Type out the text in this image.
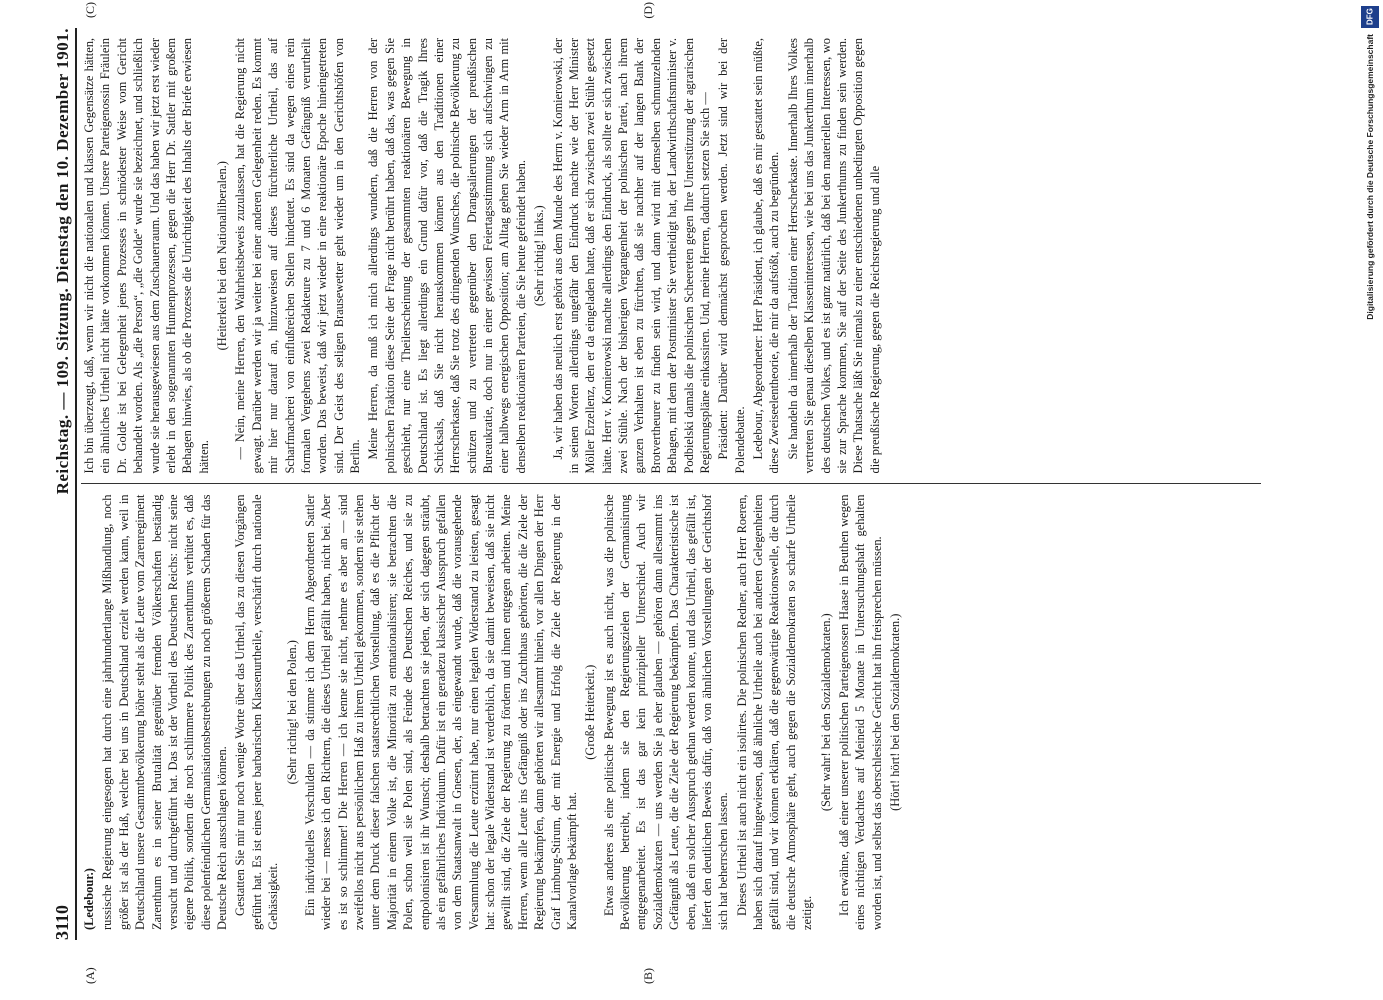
3110
Reichstag. — 109. Sitzung. Dienstag den 10. Dezember 1901.
(A)	(B)

(Ledebour.) russische Regierung eingesogen hat durch eine jahrhundertlange Mißhandlung, noch größer ist als der Haß, welcher bei uns in Deutschland erzielt werden kann, weil in Deutschland unsere Gesammtbevölkerung höher steht als die Leute vom Zarenregiment Zarenthum es in seiner Brutalität gegenüber fremden Völkerschaften beständig versucht und durchgeführt hat. Das ist der Vortheil des Deutschen Reichs: nicht seine eigene Politik, sondern die noch schlimmere Politik des Zarenthums verhütet es, daß diese polenfeindlichen Germanisationsbestrebungen zu noch größerem Schaden für das Deutsche Reich ausschlagen können. Gestatten Sie mir nur noch wenige Worte über das Urtheil, das zu diesen Vorgängen geführt hat. Es ist eines jener barbarischen Klassenurtheile, verschärft durch nationale Gehässigkeit.

(Sehr richtig! bei den Polen.) Ein individuelles Verschulden — da stimme ich dem Herrn Abgeordneten Sattler wieder bei — messe ich den Richtern, die dieses Urtheil gefällt haben, nicht bei. Aber es ist so schlimmer! Die Herren — ich kenne sie nicht, nehme es aber an — sind zweifellos nicht aus persönlichem Haß zu ihrem Urtheil gekommen, sondern sie stehen unter dem Druck dieser falschen staatsrechtlichen Vorstellung, daß es die Pflicht der Majorität in einem Volke ist, die Minorität zu entnationalisiren; sie betrachten die Polen, schon weil sie Polen sind, als Feinde des Deutschen Reiches, und sie zu entpolonisiren ist ihr Wunsch; deshalb betrachten sie jeden, der sich dagegen sträubt, als ein gefährliches Individuum. Dafür ist ein geradezu klassischer Ausspruch gefallen von dem Staatsanwalt in Gnesen, der, als eingewandt wurde, daß die vorausgehende Versammlung die Leute erzürnt habe, nur einen legalen Widerstand zu leisten, gesagt hat: schon der legale Widerstand ist verderblich, da sie damit beweisen, daß sie nicht gewillt sind, die Ziele der Regierung zu fördern und ihnen entgegen arbeiten. Meine Herren, wenn alle Leute ins Gefängniß oder ins Zuchthaus gehörten, die die Ziele der Regierung bekämpfen, dann gehörten wir allesammt hinein, vor allen Dingen der Herr Graf Limburg-Stirum, der mit Energie und Erfolg die Ziele der Regierung in der Kanalvorlage bekämpft hat.

(Große Heiterkeit.) Etwas anderes als eine politische Bewegung ist es auch nicht, was die polnische Bevölkerung betreibt, indem sie den Regierungszielen der Germanisirung entgegenarbeitet. Es ist das gar kein prinzipieller Unterschied. Auch wir Sozialdemokraten — uns werden Sie ja eher glauben — gehören dann allesammt ins Gefängniß als Leute, die die Ziele der Regierung bekämpfen. Das Charakteristische ist eben, daß ein solcher Ausspruch gethan werden konnte, und das Urtheil, das gefällt ist, liefert den deutlichen Beweis dafür, daß von ähnlichen Vorstellungen der Gerichtshof sich hat beherrschen lassen. Dieses Urtheil ist auch nicht ein isolirtes. Die polnischen Redner, auch Herr Roeren, haben sich darauf hingewiesen, daß ähnliche Urtheile auch bei anderen Gelegenheiten gefällt sind, und wir können erklären, daß die gegenwärtige Reaktionswelle, die durch die deutsche Atmosphäre geht, auch gegen die Sozialdemokraten so scharfe Urtheile zeitigt.

(Sehr wahr! bei den Sozialdemokraten.) Ich erwähne, daß einer unserer politischen Parteigenossen Haase in Beuthen wegen eines nichtigen Verdachtes auf Meineid 5 Monate in Untersuchungshaft gehalten worden ist, und selbst das oberschlesische Gericht hat ihn freisprechen müssen. (Hört! hört! bei den Sozialdemokraten.)

(C)	(D)

Ich bin überzeugt, daß, wenn wir nicht die nationalen und klassen Gegensätze hätten, ein ähnliches Urtheil nicht hätte vorkommen können. Unsere Parteigenossin Fräulein Dr. Golde ist bei Gelegenheit jenes Prozesses in schnödester Weise vom Gericht behandelt worden. Als „die Person“, „die Golde“ wurde sie bezeichnet, und schließlich wurde sie herausgewiesen aus dem Zuschauerraum. Und das haben wir jetzt erst wieder erlebt in den sogenannten Hunnenprozessen, gegen die Herr Dr. Sattler mit großem Behagen hinwies, als ob die Prozesse die Unrichtigkeit des Inhalts der Briefe erwiesen hätten.

(Heiterkeit bei den Nationalliberalen.) — Nein, meine Herren, den Wahrheitsbeweis zuzulassen, hat die Regierung nicht gewagt. Darüber werden wir ja weiter bei einer anderen Gelegenheit reden. Es kommt mir hier nur darauf an, hinzuweisen auf dieses fürchterliche Urtheil, das auf Scharfmacherei von einflußreichen Stellen hindeutet. Es sind da wegen eines rein formalen Vergehens zwei Redakteure zu 7 und 6 Monaten Gefängniß verurtheilt worden. Das beweist, daß wir jetzt wieder in eine reaktionäre Epoche hineingetreten sind. Der Geist des seligen Brausewetter geht wieder um in den Gerichtshöfen von Berlin. Meine Herren, da muß ich mich allerdings wundern, daß die Herren von der polnischen Fraktion diese Seite der Frage nicht berührt haben, daß das, was gegen Sie geschieht, nur eine Theilerscheinung der gesammten reaktionären Bewegung in Deutschland ist. Es liegt allerdings ein Grund dafür vor, daß die Tragik Ihres Schicksals, daß Sie nicht herauskommen können aus den Traditionen einer Herrscherkaste, daß Sie trotz des dringenden Wunsches, die polnische Bevölkerung zu schützen und zu vertreten gegenüber den Drangsalierungen der preußischen Bureaukratie, doch nur in einer gewissen Feiertagsstimmung sich aufschwingen zu einer halbwegs energischen Opposition; am Alltag gehen Sie wieder Arm in Arm mit denselben reaktionären Parteien, die Sie heute gefeindet haben. (Sehr richtig! links.) Ja, wir haben das neulich erst gehört aus dem Munde des Herrn v. Komierowski, der in seinen Worten allerdings ungefähr den Eindruck machte wie der Herr Minister Möller Erzellenz, den er da eingeladen hatte, daß er sich zwischen zwei Stühle gesetzt hätte. Herr v. Komierowski machte allerdings den Eindruck, als sollte er sich zwischen zwei Stühle. Nach der bisherigen Vergangenheit der polnischen Partei, nach ihrem ganzen Verhalten ist eben zu fürchten, daß sie nachher auf der langen Bank der Brotvertheurer zu finden sein wird, und dann wird mit demselben schmunzelnden Behagen, mit dem der Postminister Sie vertheidigt hat, der Landwirthschaftsminister v. Podbielski damals die polnischen Scheereten gegen Ihre Unterstützung der agrarischen Regierungspläne einkassiren. Und, meine Herren, dadurch setzen Sie sich — Präsident: Darüber wird demnächst gesprochen werden. Jetzt sind wir bei der Polendebatte. Ledebour, Abgeordneter: Herr Präsident, ich glaube, daß es mir gestattet sein müßte, diese Zweiseelentheorie, die mir da aufstößt, auch zu begründen. Sie handeln da innerhalb der Tradition einer Herrscherkaste. Innerhalb Ihres Volkes vertreten Sie genau dieselben Klasseninteressen, wie bei uns das Junkerthum innerhalb des deutschen Volkes, und es ist ganz natürlich, daß bei den materiellen Interessen, wo sie zur Sprache kommen, Sie auf der Seite des Junkerthums zu finden sein werden. Diese Thatsache läßt Sie niemals zu einer entschiedenen unbedingten Opposition gegen die preußische Regierung, gegen die Reichsregierung und alle

DFG
Digitalisierung gefördert durch die Deutsche Forschungsgemeinschaft
